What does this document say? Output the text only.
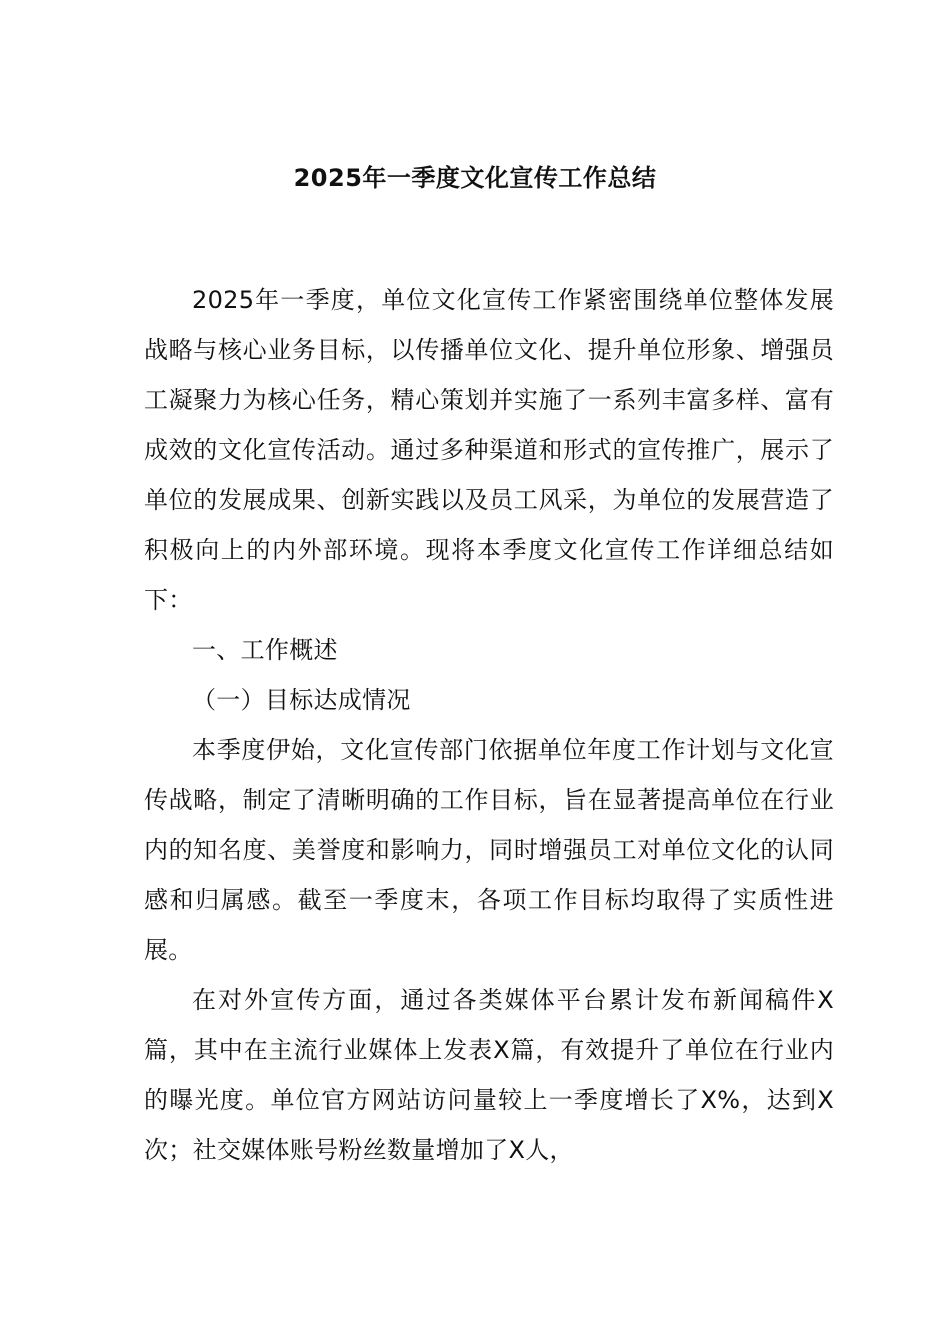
2025年一季度文化宣传工作总结

2025年一季度，单位文化宣传工作紧密围绕单位整体发展战略与核心业务目标，以传播单位文化、提升单位形象、增强员工凝聚力为核心任务，精心策划并实施了一系列丰富多样、富有成效的文化宣传活动。通过多种渠道和形式的宣传推广，展示了单位的发展成果、创新实践以及员工风采，为单位的发展营造了积极向上的内外部环境。现将本季度文化宣传工作详细总结如下：

一、工作概述

（一）目标达成情况

本季度伊始，文化宣传部门依据单位年度工作计划与文化宣传战略，制定了清晰明确的工作目标，旨在显著提高单位在行业内的知名度、美誉度和影响力，同时增强员工对单位文化的认同感和归属感。截至一季度末，各项工作目标均取得了实质性进展。

在对外宣传方面，通过各类媒体平台累计发布新闻稿件X篇，其中在主流行业媒体上发表X篇，有效提升了单位在行业内的曝光度。单位官方网站访问量较上一季度增长了X%，达到X次；社交媒体账号粉丝数量增加了X人，
